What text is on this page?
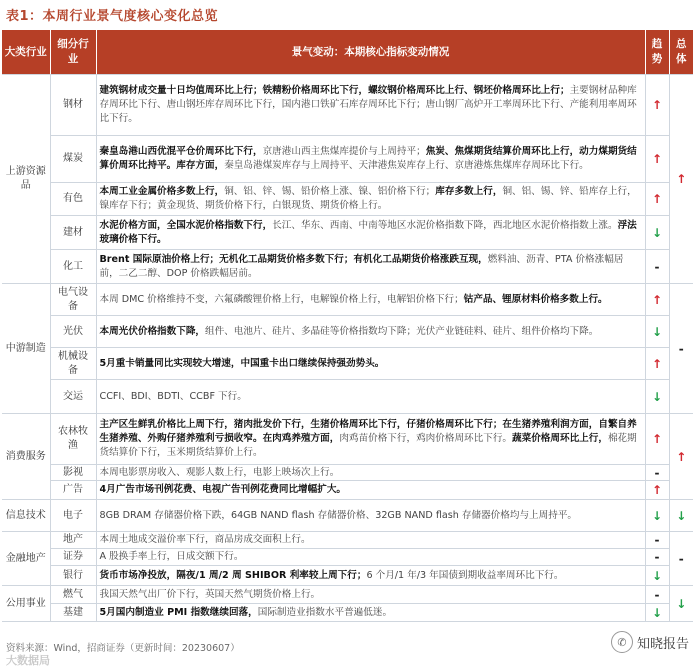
表1：本周行业景气度核心变化总览
大类行业	细分行业	景气变动：本期核心指标变动情况	趋势	总体
上游资源品	钢材	建筑钢材成交量十日均值周环比上行；铁精粉价格周环比下行，螺纹钢价格周环比上行、钢坯价格周环比上行；主要钢材品种库存周环比下行、唐山钢坯库存周环比下行，国内港口铁矿石库存周环比下行；唐山钢厂高炉开工率周环比下行、产能利用率周环比下行。	↑	↑
	煤炭	秦皇岛港山西优混平仓价周环比下行，京唐港山西主焦煤库提价与上周持平；焦炭、焦煤期货结算价周环比上行，动力煤期货结算价周环比持平。库存方面，秦皇岛港煤炭库存与上周持平、天津港焦炭库存上行、京唐港炼焦煤库存周环比下行。	↑	
	有色	本周工业金属价格多数上行，铜、铝、锌、锡、铅价格上涨、镍、铝价格下行；库存多数上行，铜、铝、锡、锌、铅库存上行，镍库存下行；黄金现货、期货价格下行，白银现货、期货价格上行。	↑	
	建材	水泥价格方面，全国水泥价格指数下行，长江、华东、西南、中南等地区水泥价格指数下降，西北地区水泥价格指数上涨。浮法玻璃价格下行。	↓	
	化工	Brent 国际原油价格上行；无机化工品期货价格多数下行；有机化工品期货价格涨跌互现，燃料油、沥青、PTA 价格涨幅居前，二乙二醇、DOP 价格跌幅居前。	-	
中游制造	电气设备	本周 DMC 价格维持不变，六氟磷酸锂价格上行，电解镍价格上行，电解铝价格下行；钴产品、锂原材料价格多数上行。	↑	-
	光伏	本周光伏价格指数下降，组件、电池片、硅片、多晶硅等价格指数均下降；光伏产业链硅料、硅片、组件价格均下降。	↓	
	机械设备	5月重卡销量同比实现较大增速，中国重卡出口继续保持强劲势头。	↑	
	交运	CCFI、BDI、BDTI、CCBF 下行。	↓	
消费服务	农林牧渔	主产区生鲜乳价格比上周下行，猪肉批发价下行，生猪价格周环比下行，仔猪价格周环比下行；在生猪养殖利润方面，自繁自养生猪养殖、外购仔猪养殖利亏损收窄。在肉鸡养殖方面，肉鸡苗价格下行，鸡肉价格周环比下行。蔬菜价格周环比上行，棉花期货结算价下行，玉米期货结算价上行。	↑	↑
	影视	本周电影票房收入、观影人数上行，电影上映场次上行。	-	
	广告	4月广告市场刊例花费、电视广告刊例花费同比增幅扩大。	↑	
信息技术	电子	8GB DRAM 存储器价格下跌，64GB NAND flash 存储器价格、32GB NAND flash 存储器价格均与上周持平。	↓	↓
金融地产	地产	本周土地成交溢价率下行，商品房成交面积上行。	-	-
	证券	A 股换手率上行，日成交额下行。	-	
	银行	货币市场净投放，隔夜/1 周/2 周 SHIBOR 利率较上周下行；6 个月/1 年/3 年国债到期收益率周环比下行。	↓	
公用事业	燃气	我国天然气出厂价下行，英国天然气期货价格上行。	-	↓
	基建	5月国内制造业 PMI 指数继续回落，国际制造业指数水平普遍低迷。	↓	
资料来源：Wind，招商证券（更新时间：20230607）
大数据局
✆ 知晓报告
